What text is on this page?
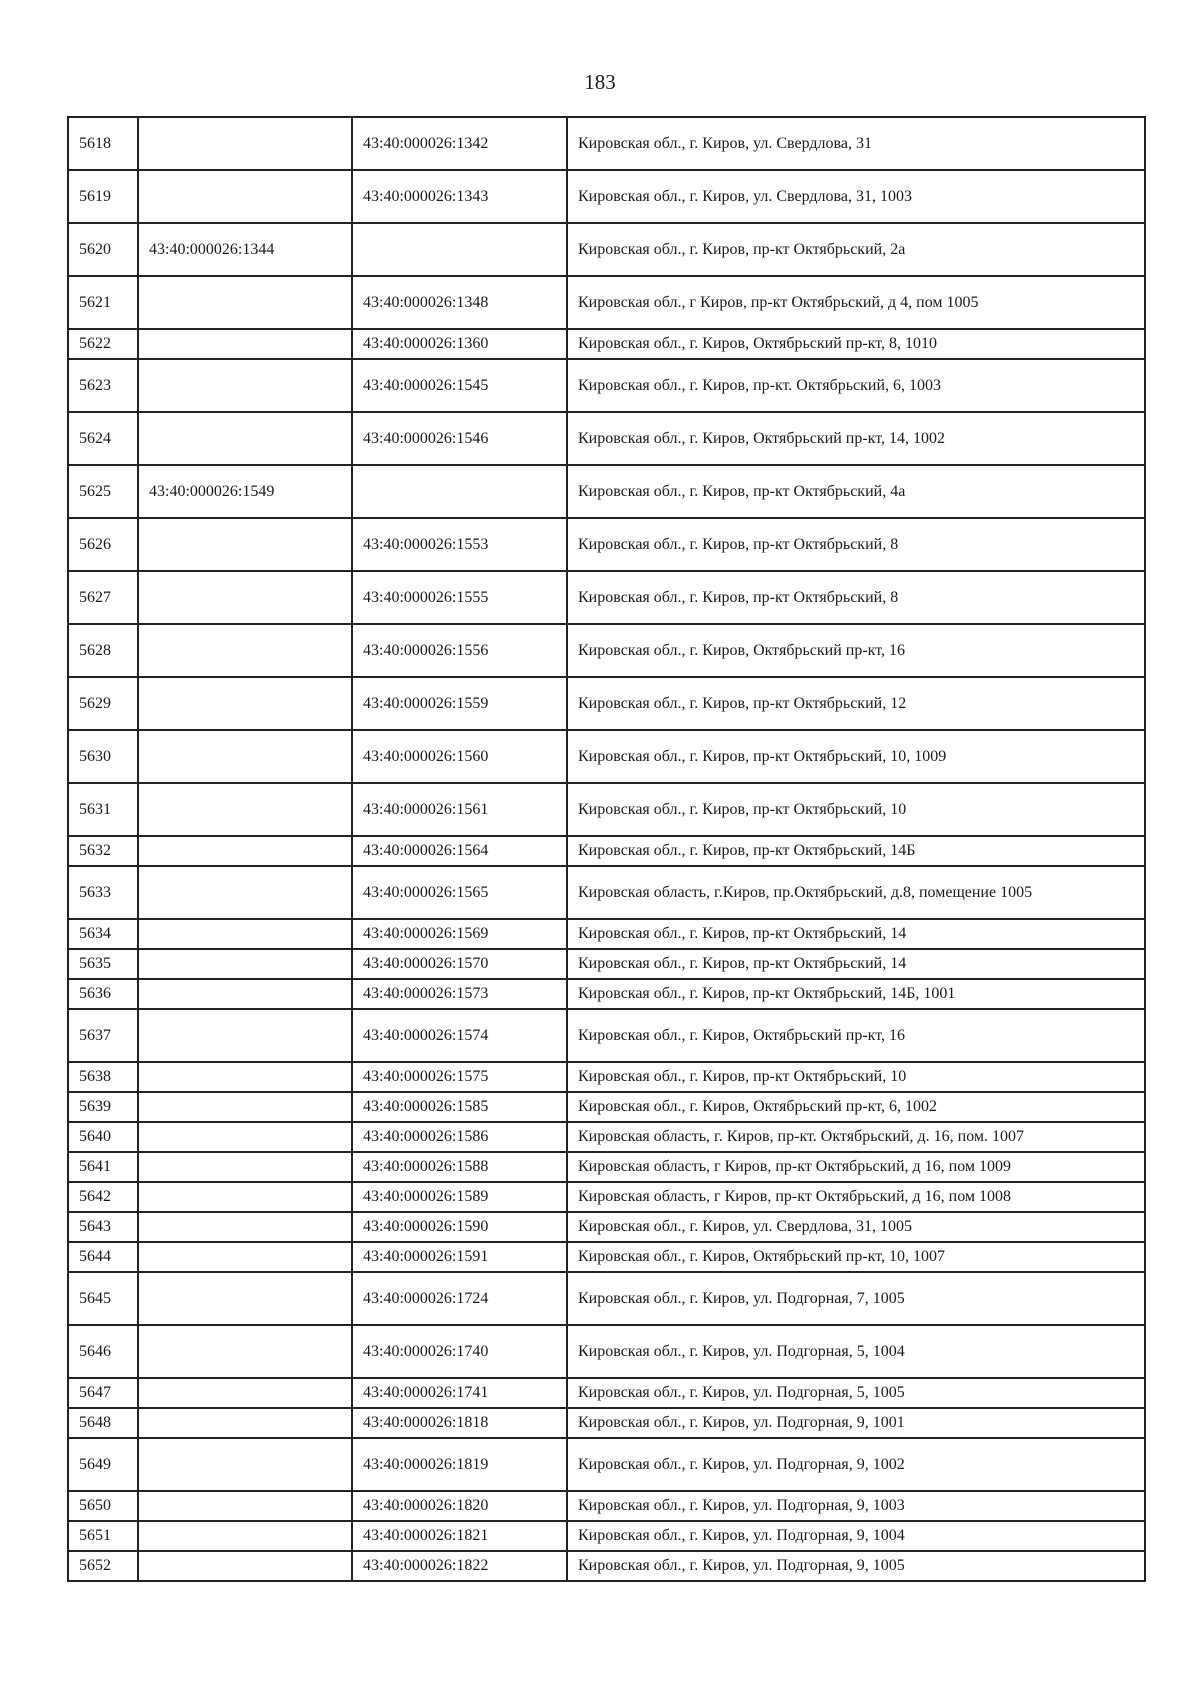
183
5618		43:40:000026:1342	Кировская обл., г. Киров, ул. Свердлова, 31
5619		43:40:000026:1343	Кировская обл., г. Киров, ул. Свердлова, 31, 1003
5620	43:40:000026:1344		Кировская обл., г. Киров, пр-кт Октябрьский, 2а
5621		43:40:000026:1348	Кировская обл., г Киров, пр-кт Октябрьский, д 4, пом 1005
5622		43:40:000026:1360	Кировская обл., г. Киров, Октябрьский пр-кт, 8, 1010
5623		43:40:000026:1545	Кировская обл., г. Киров, пр-кт. Октябрьский, 6, 1003
5624		43:40:000026:1546	Кировская обл., г. Киров, Октябрьский пр-кт, 14, 1002
5625	43:40:000026:1549		Кировская обл., г. Киров, пр-кт Октябрьский, 4а
5626		43:40:000026:1553	Кировская обл., г. Киров, пр-кт Октябрьский, 8
5627		43:40:000026:1555	Кировская обл., г. Киров, пр-кт Октябрьский, 8
5628		43:40:000026:1556	Кировская обл., г. Киров, Октябрьский пр-кт, 16
5629		43:40:000026:1559	Кировская обл., г. Киров, пр-кт Октябрьский, 12
5630		43:40:000026:1560	Кировская обл., г. Киров, пр-кт Октябрьский, 10, 1009
5631		43:40:000026:1561	Кировская обл., г. Киров, пр-кт Октябрьский, 10
5632		43:40:000026:1564	Кировская обл., г. Киров, пр-кт Октябрьский, 14Б
5633		43:40:000026:1565	Кировская область, г.Киров, пр.Октябрьский, д.8, помещение 1005
5634		43:40:000026:1569	Кировская обл., г. Киров, пр-кт Октябрьский, 14
5635		43:40:000026:1570	Кировская обл., г. Киров, пр-кт Октябрьский, 14
5636		43:40:000026:1573	Кировская обл., г. Киров, пр-кт Октябрьский, 14Б, 1001
5637		43:40:000026:1574	Кировская обл., г. Киров, Октябрьский пр-кт, 16
5638		43:40:000026:1575	Кировская обл., г. Киров, пр-кт Октябрьский, 10
5639		43:40:000026:1585	Кировская обл., г. Киров, Октябрьский пр-кт, 6, 1002
5640		43:40:000026:1586	Кировская область, г. Киров, пр-кт. Октябрьский, д. 16, пом. 1007
5641		43:40:000026:1588	Кировская область, г Киров, пр-кт Октябрьский, д 16, пом 1009
5642		43:40:000026:1589	Кировская область, г Киров, пр-кт Октябрьский, д 16, пом 1008
5643		43:40:000026:1590	Кировская обл., г. Киров, ул. Свердлова, 31, 1005
5644		43:40:000026:1591	Кировская обл., г. Киров, Октябрьский пр-кт, 10, 1007
5645		43:40:000026:1724	Кировская обл., г. Киров, ул. Подгорная, 7, 1005
5646		43:40:000026:1740	Кировская обл., г. Киров, ул. Подгорная, 5, 1004
5647		43:40:000026:1741	Кировская обл., г. Киров, ул. Подгорная, 5, 1005
5648		43:40:000026:1818	Кировская обл., г. Киров, ул. Подгорная, 9, 1001
5649		43:40:000026:1819	Кировская обл., г. Киров, ул. Подгорная, 9, 1002
5650		43:40:000026:1820	Кировская обл., г. Киров, ул. Подгорная, 9, 1003
5651		43:40:000026:1821	Кировская обл., г. Киров, ул. Подгорная, 9, 1004
5652		43:40:000026:1822	Кировская обл., г. Киров, ул. Подгорная, 9, 1005
